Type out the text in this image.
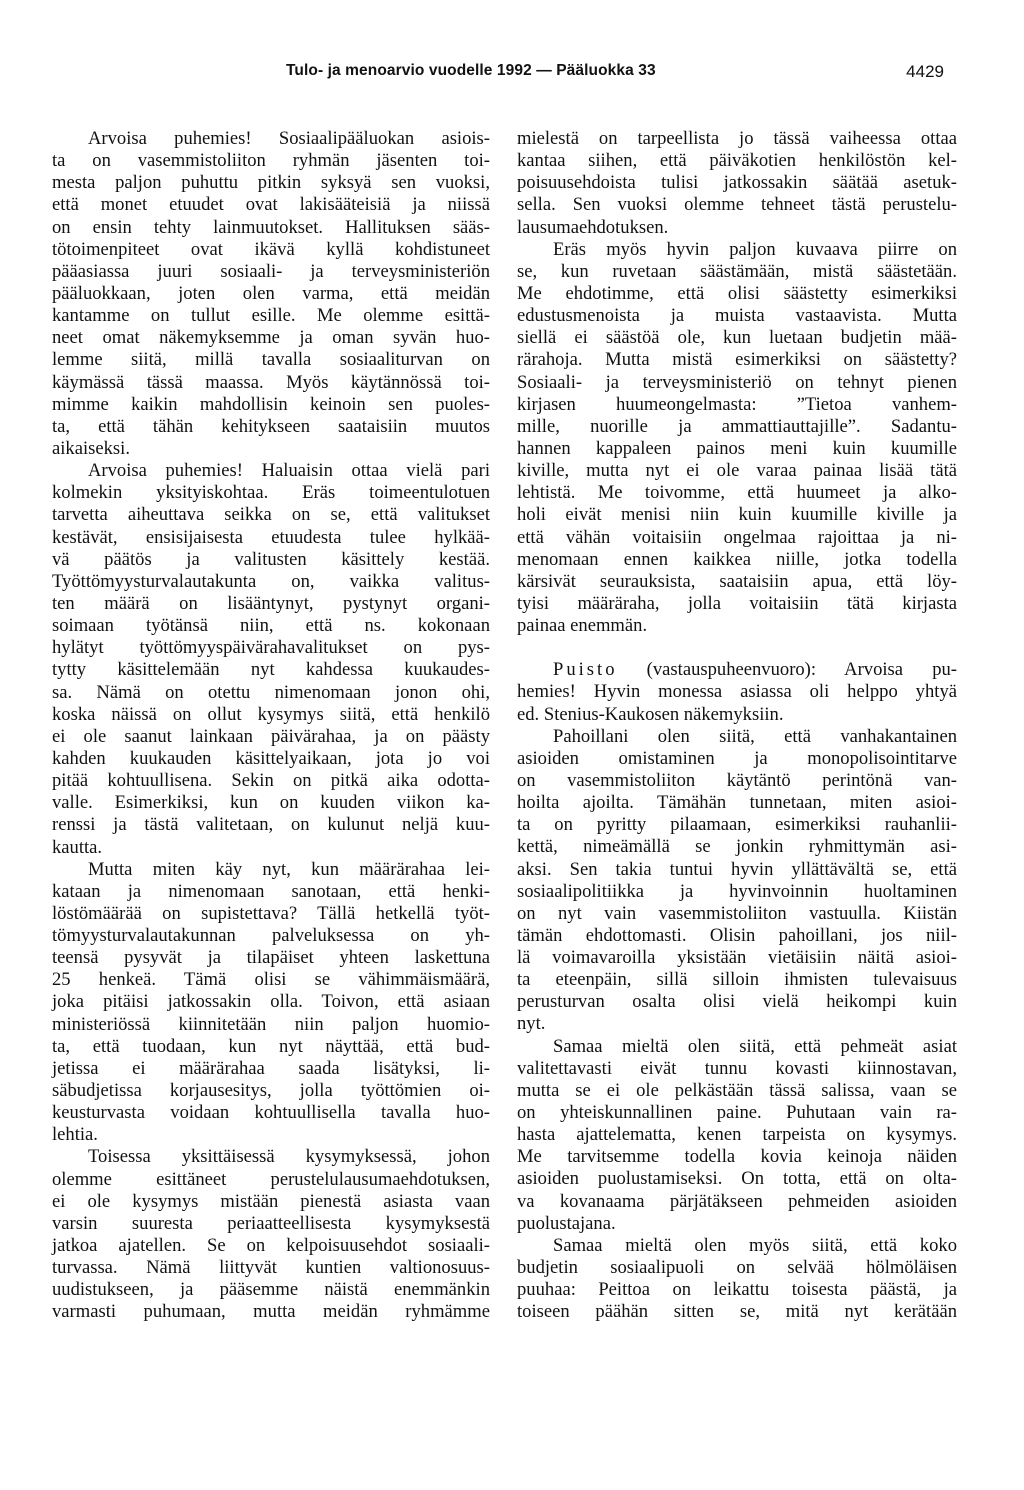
Tulo- ja menoarvio vuodelle 1992 — Pääluokka 33	4429
Arvoisa puhemies! Sosiaalipääluokan asiois-
ta on vasemmistoliiton ryhmän jäsenten toi-
mesta paljon puhuttu pitkin syksyä sen vuoksi,
että monet etuudet ovat lakisääteisiä ja niissä
on ensin tehty lainmuutokset. Hallituksen sääs-
tötoimenpiteet ovat ikävä kyllä kohdistuneet
pääasiassa juuri sosiaali- ja terveysministeriön
pääluokkaan, joten olen varma, että meidän
kantamme on tullut esille. Me olemme esittä-
neet omat näkemyksemme ja oman syvän huo-
lemme siitä, millä tavalla sosiaaliturvan on
käymässä tässä maassa. Myös käytännössä toi-
mimme kaikin mahdollisin keinoin sen puoles-
ta, että tähän kehitykseen saataisiin muutos
aikaiseksi.
Arvoisa puhemies! Haluaisin ottaa vielä pari
kolmekin yksityiskohtaa. Eräs toimeentulotuen
tarvetta aiheuttava seikka on se, että valitukset
kestävät, ensisijaisesta etuudesta tulee hylkää-
vä päätös ja valitusten käsittely kestää.
Työttömyysturvalautakunta on, vaikka valitus-
ten määrä on lisääntynyt, pystynyt organi-
soimaan työtänsä niin, että ns. kokonaan
hylätyt työttömyyspäivärahavalitukset on pys-
tytty käsittelemään nyt kahdessa kuukaudes-
sa. Nämä on otettu nimenomaan jonon ohi,
koska näissä on ollut kysymys siitä, että henkilö
ei ole saanut lainkaan päivärahaa, ja on päästy
kahden kuukauden käsittelyaikaan, jota jo voi
pitää kohtuullisena. Sekin on pitkä aika odotta-
valle. Esimerkiksi, kun on kuuden viikon ka-
renssi ja tästä valitetaan, on kulunut neljä kuu-
kautta.
Mutta miten käy nyt, kun määrärahaa lei-
kataan ja nimenomaan sanotaan, että henki-
löstömäärää on supistettava? Tällä hetkellä työt-
tömyysturvalautakunnan palveluksessa on yh-
teensä pysyvät ja tilapäiset yhteen laskettuna
25 henkeä. Tämä olisi se vähimmäismäärä,
joka pitäisi jatkossakin olla. Toivon, että asiaan
ministeriössä kiinnitetään niin paljon huomio-
ta, että tuodaan, kun nyt näyttää, että bud-
jetissa ei määrärahaa saada lisätyksi, li-
säbudjetissa korjausesitys, jolla työttömien oi-
keusturvasta voidaan kohtuullisella tavalla huo-
lehtia.
Toisessa yksittäisessä kysymyksessä, johon
olemme esittäneet perustelulausumaehdotuksen,
ei ole kysymys mistään pienestä asiasta vaan
varsin suuresta periaatteellisesta kysymyksestä
jatkoa ajatellen. Se on kelpoisuusehdot sosiaali-
turvassa. Nämä liittyvät kuntien valtionosuus-
uudistukseen, ja pääsemme näistä enemmänkin
varmasti puhumaan, mutta meidän ryhmämme
mielestä on tarpeellista jo tässä vaiheessa ottaa
kantaa siihen, että päiväkotien henkilöstön kel-
poisuusehdoista tulisi jatkossakin säätää asetuk-
sella. Sen vuoksi olemme tehneet tästä perustelu-
lausumaehdotuksen.
Eräs myös hyvin paljon kuvaava piirre on
se, kun ruvetaan säästämään, mistä säästetään.
Me ehdotimme, että olisi säästetty esimerkiksi
edustusmenoista ja muista vastaavista. Mutta
siellä ei säästöä ole, kun luetaan budjetin mää-
rärahoja. Mutta mistä esimerkiksi on säästetty?
Sosiaali- ja terveysministeriö on tehnyt pienen
kirjasen huumeongelmasta: ”Tietoa vanhem-
mille, nuorille ja ammattiauttajille”. Sadantu-
hannen kappaleen painos meni kuin kuumille
kiville, mutta nyt ei ole varaa painaa lisää tätä
lehtistä. Me toivomme, että huumeet ja alko-
holi eivät menisi niin kuin kuumille kiville ja
että vähän voitaisiin ongelmaa rajoittaa ja ni-
menomaan ennen kaikkea niille, jotka todella
kärsivät seurauksista, saataisiin apua, että löy-
tyisi määräraha, jolla voitaisiin tätä kirjasta
painaa enemmän.
Puisto (vastauspuheenvuoro): Arvoisa pu-
hemies! Hyvin monessa asiassa oli helppo yhtyä
ed. Stenius-Kaukosen näkemyksiin.
Pahoillani olen siitä, että vanhakantainen
asioiden omistaminen ja monopolisointitarve
on vasemmistoliiton käytäntö perintönä van-
hoilta ajoilta. Tämähän tunnetaan, miten asioi-
ta on pyritty pilaamaan, esimerkiksi rauhanlii-
kettä, nimeämällä se jonkin ryhmittymän asi-
aksi. Sen takia tuntui hyvin yllättävältä se, että
sosiaalipolitiikka ja hyvinvoinnin huoltaminen
on nyt vain vasemmistoliiton vastuulla. Kiistän
tämän ehdottomasti. Olisin pahoillani, jos niil-
lä voimavaroilla yksistään vietäisiin näitä asioi-
ta eteenpäin, sillä silloin ihmisten tulevaisuus
perusturvan osalta olisi vielä heikompi kuin
nyt.
Samaa mieltä olen siitä, että pehmeät asiat
valitettavasti eivät tunnu kovasti kiinnostavan,
mutta se ei ole pelkästään tässä salissa, vaan se
on yhteiskunnallinen paine. Puhutaan vain ra-
hasta ajattelematta, kenen tarpeista on kysymys.
Me tarvitsemme todella kovia keinoja näiden
asioiden puolustamiseksi. On totta, että on olta-
va kovanaama pärjätäkseen pehmeiden asioiden
puolustajana.
Samaa mieltä olen myös siitä, että koko
budjetin sosiaalipuoli on selvää hölmöläisen
puuhaa: Peittoa on leikattu toisesta päästä, ja
toiseen päähän sitten se, mitä nyt kerätään
